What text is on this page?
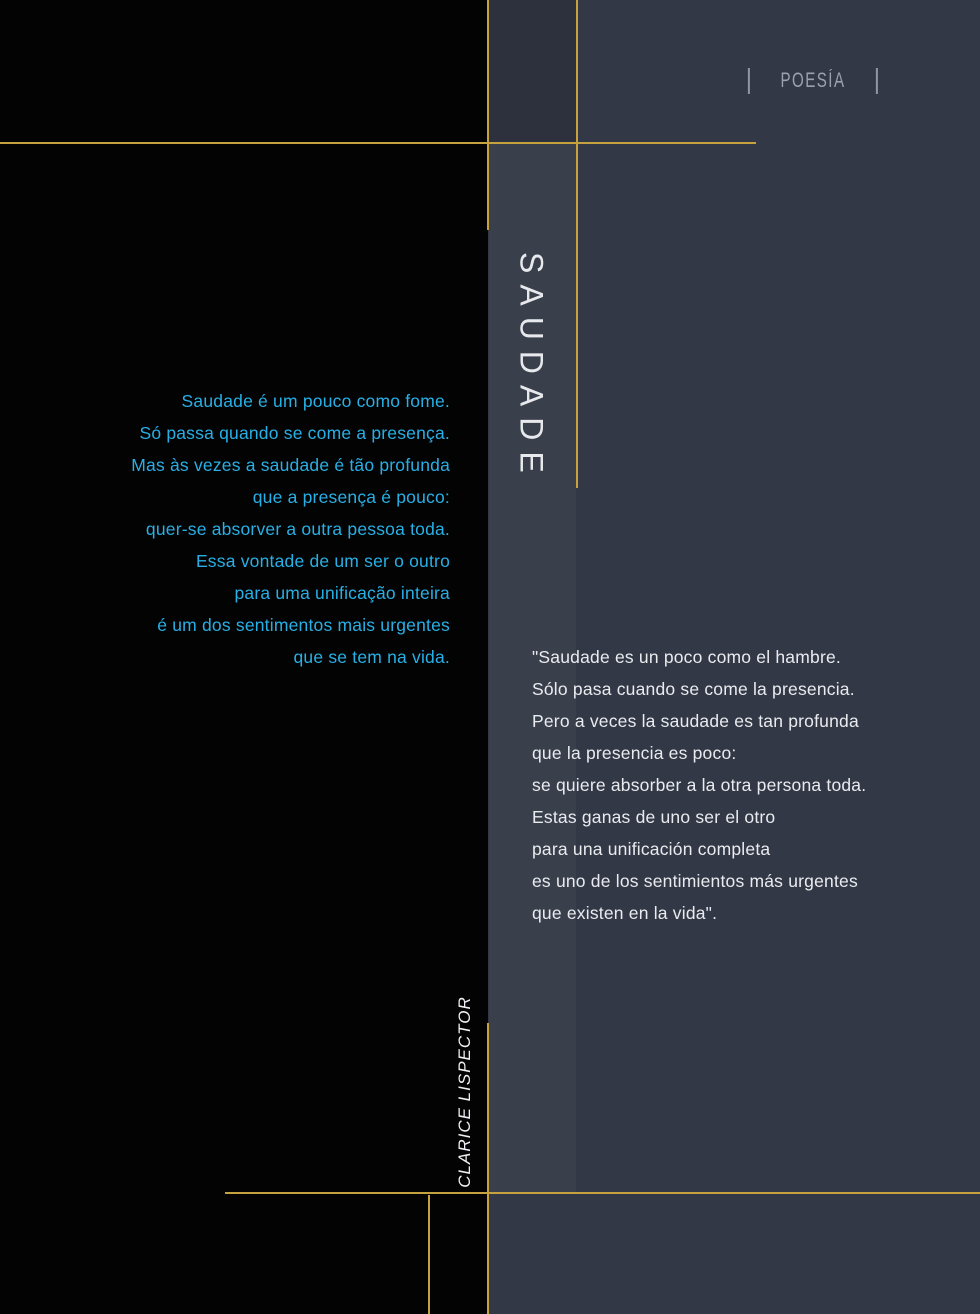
POESÍA
SAUDADE
Saudade é um pouco como fome.
Só passa quando se come a presença.
Mas às vezes a saudade é tão profunda
que a presença é pouco:
quer-se absorver a outra pessoa toda.
Essa vontade de um ser o outro
para uma unificação inteira
é um dos sentimentos mais urgentes
que se tem na vida.	"Saudade es un poco como el hambre.
Sólo pasa cuando se come la presencia.
Pero a veces la saudade es tan profunda
que la presencia es poco:
se quiere absorber a la otra persona toda.
Estas ganas de uno ser el otro
para una unificación completa
es uno de los sentimientos más urgentes
que existen en la vida".
CLARICE LISPECTOR
